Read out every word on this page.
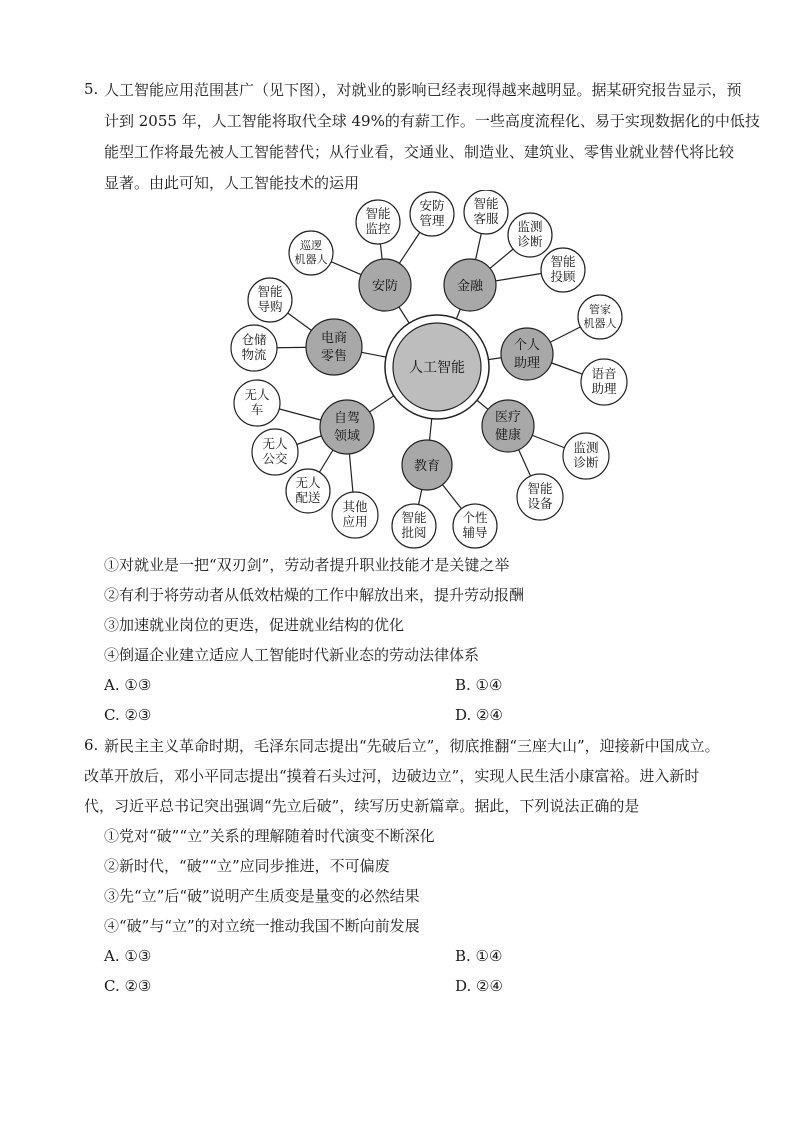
5. 人工智能应用范围甚广（见下图），对就业的影响已经表现得越来越明显。据某研究报告显示，预
计到 2055 年，人工智能将取代全球 49%的有薪工作。一些高度流程化、易于实现数据化的中低技
能型工作将最先被人工智能替代；从行业看，交通业、制造业、建筑业、零售业就业替代将比较
显著。由此可知，人工智能技术的运用
人工智能
安防	金融
电商
零售
个人
助理
自驾
领域
教育
医疗
健康
智能
监控
安防
管理
巡逻
机器人
智能
客服
监测
诊断
智能
投顾
智能
导购
仓储
物流
管家
机器人
语音
助理
无人
车
无人
公交
无人
配送
其他
应用	智能
批阅
个性
辅导
监测
诊断
智能
设备
①对就业是一把“双刃剑”，劳动者提升职业技能才是关键之举
②有利于将劳动者从低效枯燥的工作中解放出来，提升劳动报酬
③加速就业岗位的更迭，促进就业结构的优化
④倒逼企业建立适应人工智能时代新业态的劳动法律体系
A. ①③	B. ①④
C. ②③	D. ②④
6. 新民主主义革命时期，毛泽东同志提出“先破后立”，彻底推翻“三座大山”，迎接新中国成立。
改革开放后，邓小平同志提出“摸着石头过河，边破边立”，实现人民生活小康富裕。进入新时
代，习近平总书记突出强调“先立后破”，续写历史新篇章。据此，下列说法正确的是
①党对“破”“立”关系的理解随着时代演变不断深化
②新时代，“破”“立”应同步推进，不可偏废
③先“立”后“破”说明产生质变是量变的必然结果
④“破”与“立”的对立统一推动我国不断向前发展
A. ①③	B. ①④
C. ②③	D. ②④
